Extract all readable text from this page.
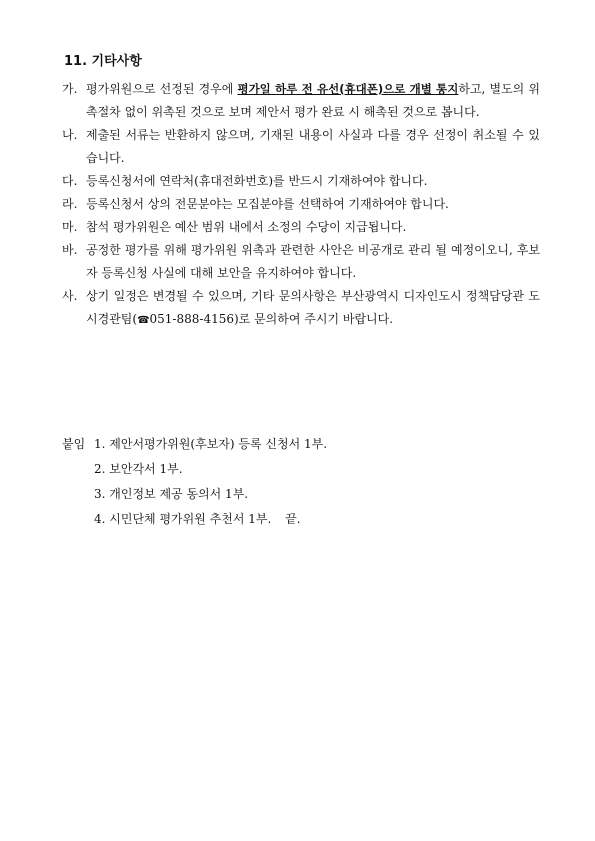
11. 기타사항
가. 평가위원으로 선정된 경우에 평가일 하루 전 유선(휴대폰)으로 개별 통지하고, 별도의 위촉절차 없이 위촉된 것으로 보며 제안서 평가 완료 시 해촉된 것으로 봅니다.
나. 제출된 서류는 반환하지 않으며, 기재된 내용이 사실과 다를 경우 선정이 취소될 수 있습니다.
다. 등록신청서에 연락처(휴대전화번호)를 반드시 기재하여야 합니다.
라. 등록신청서 상의 전문분야는 모집분야를 선택하여 기재하여야 합니다.
마. 참석 평가위원은 예산 범위 내에서 소정의 수당이 지급됩니다.
바. 공정한 평가를 위해 평가위원 위촉과 관련한 사안은 비공개로 관리 될 예정이오니, 후보자 등록신청 사실에 대해 보안을 유지하여야 합니다.
사. 상기 일정은 변경될 수 있으며, 기타 문의사항은 부산광역시 디자인도시 정책담당관 도시경관팀(☎051-888-4156)로 문의하여 주시기 바랍니다.
붙임 1. 제안서평가위원(후보자) 등록 신청서 1부.
2. 보안각서 1부.
3. 개인정보 제공 동의서 1부.
4. 시민단체 평가위원 추천서 1부. 끝.
